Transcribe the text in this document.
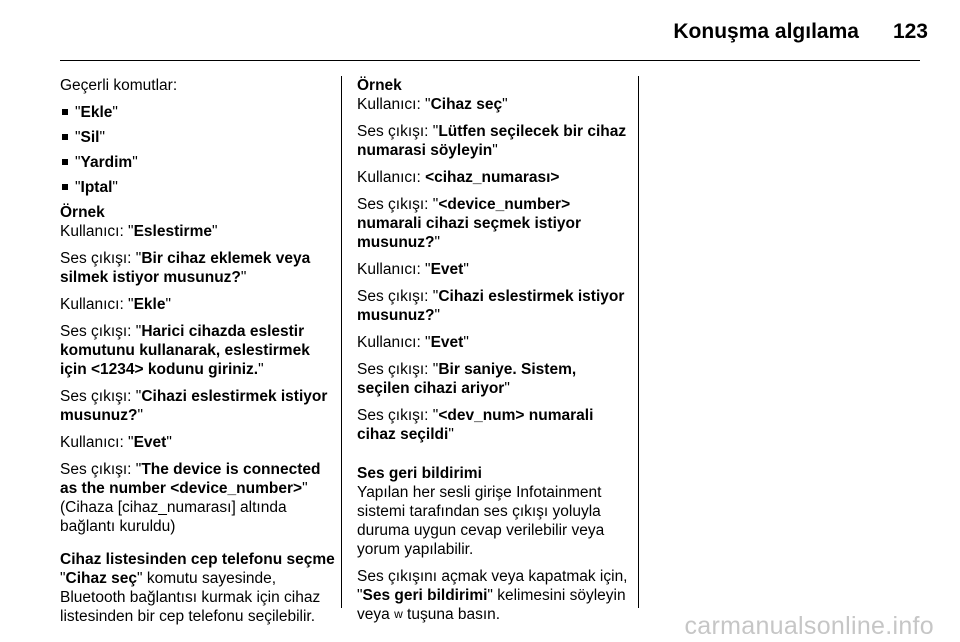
Konuşma algılama 123

Geçerli komutlar:

"Ekle"
"Sil"
"Yardim"
"Iptal"
Örnek

Kullanıcı: "Eslestirme"

Ses çıkışı: "Bir cihaz eklemek veya silmek istiyor musunuz?"

Kullanıcı: "Ekle"

Ses çıkışı: "Harici cihazda eslestir komutunu kullanarak, eslestirmek için <1234> kodunu giriniz."

Ses çıkışı: "Cihazi eslestirmek istiyor musunuz?"

Kullanıcı: "Evet"

Ses çıkışı: "The device is connected as the number <device_number>" (Cihaza [cihaz_numarası] altında bağlantı kuruldu)

Cihaz listesinden cep telefonu seçme

"Cihaz seç" komutu sayesinde, Bluetooth bağlantısı kurmak için cihaz listesinden bir cep telefonu seçilebilir.

Örnek

Kullanıcı: "Cihaz seç"

Ses çıkışı: "Lütfen seçilecek bir cihaz numarasi söyleyin"

Kullanıcı: <cihaz_numarası>

Ses çıkışı: "<device_number> numarali cihazi seçmek istiyor musunuz?"

Kullanıcı: "Evet"

Ses çıkışı: "Cihazi eslestirmek istiyor musunuz?"

Kullanıcı: "Evet"

Ses çıkışı: "Bir saniye. Sistem, seçilen cihazi ariyor"

Ses çıkışı: "<dev_num> numarali cihaz seçildi"

Ses geri bildirimi

Yapılan her sesli girişe Infotainment sistemi tarafından ses çıkışı yoluyla duruma uygun cevap verilebilir veya yorum yapılabilir.

Ses çıkışını açmak veya kapatmak için, "Ses geri bildirimi" kelimesini söyleyin veya w tuşuna basın.	carmanualsonline.info
